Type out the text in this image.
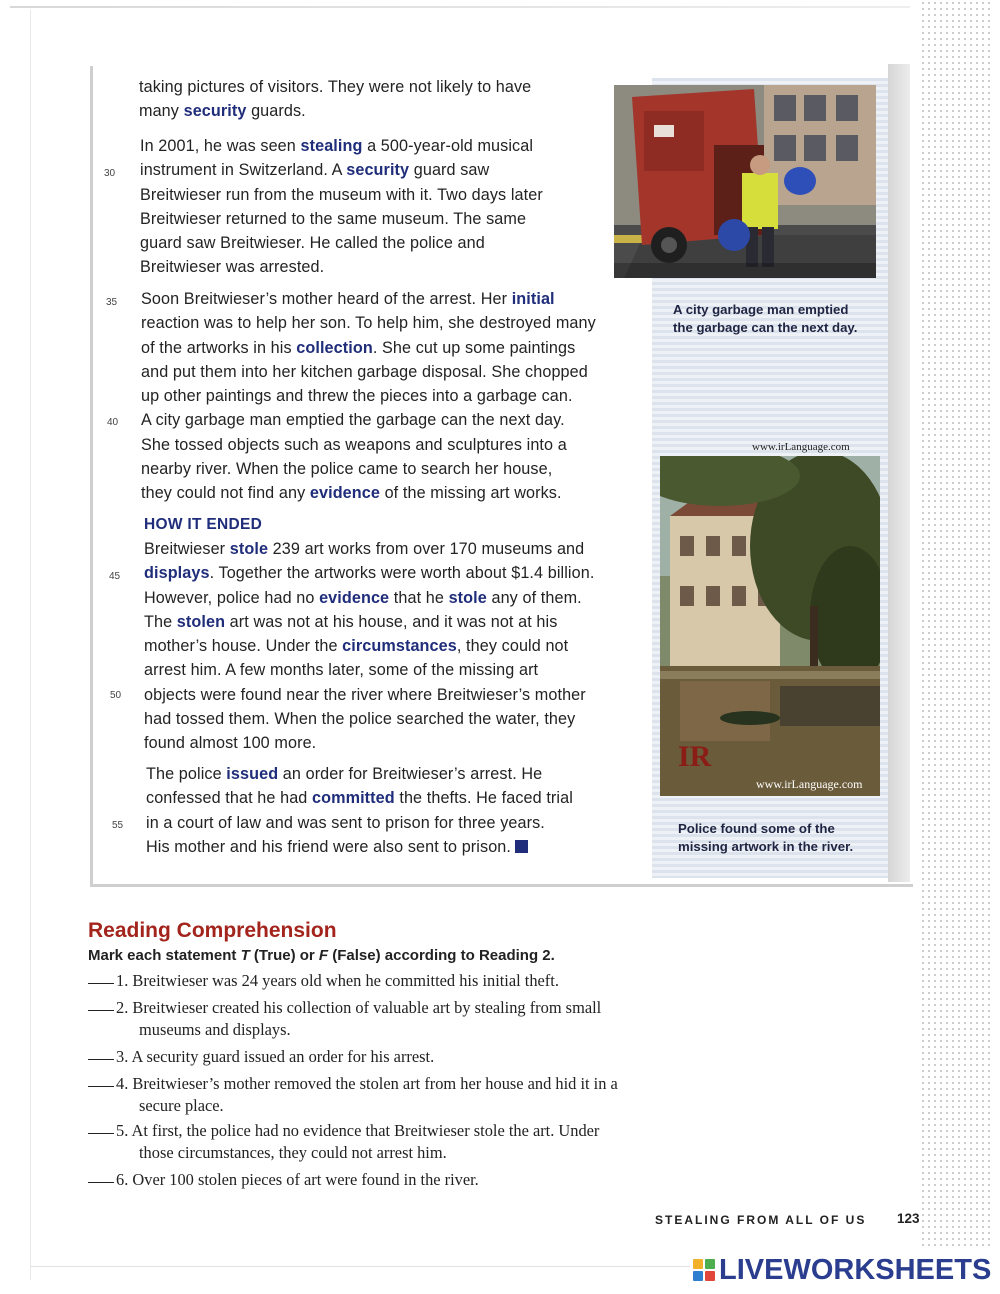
taking pictures of visitors. They were not likely to have
many security guards.

In 2001, he was seen stealing a 500-year-old musical
instrument in Switzerland. A security guard saw
Breitwieser run from the museum with it. Two days later
Breitwieser returned to the same museum. The same
guard saw Breitwieser. He called the police and
Breitwieser was arrested.

Soon Breitwieser’s mother heard of the arrest. Her initial
reaction was to help her son. To help him, she destroyed many
of the artworks in his collection. She cut up some paintings
and put them into her kitchen garbage disposal. She chopped
up other paintings and threw the pieces into a garbage can.
A city garbage man emptied the garbage can the next day.
She tossed objects such as weapons and sculptures into a
nearby river. When the police came to search her house,
they could not find any evidence of the missing art works.

HOW IT ENDED

Breitwieser stole 239 art works from over 170 museums and
displays. Together the artworks were worth about $1.4 billion.
However, police had no evidence that he stole any of them.
The stolen art was not at his house, and it was not at his
mother’s house. Under the circumstances, they could not
arrest him. A few months later, some of the missing art
objects were found near the river where Breitwieser’s mother
had tossed them. When the police searched the water, they
found almost 100 more.

The police issued an order for Breitwieser’s arrest. He
confessed that he had committed the thefts. He faced trial
in a court of law and was sent to prison for three years.
His mother and his friend were also sent to prison.

30
35
40
45
50
55

A city garbage man emptied
the garbage can the next day.

www.irLanguage.com
IR
www.irLanguage.com

Police found some of the
missing artwork in the river.

Reading Comprehension

Mark each statement T (True) or F (False) according to Reading 2.

1. Breitwieser was 24 years old when he committed his initial theft.
2. Breitwieser created his collection of valuable art by stealing from small
museums and displays.
3. A security guard issued an order for his arrest.
4. Breitwieser’s mother removed the stolen art from her house and hid it in a
secure place.
5. At first, the police had no evidence that Breitwieser stole the art. Under
those circumstances, they could not arrest him.
6. Over 100 stolen pieces of art were found in the river.
STEALING FROM ALL OF US 123
LIVEWORKSHEETS
